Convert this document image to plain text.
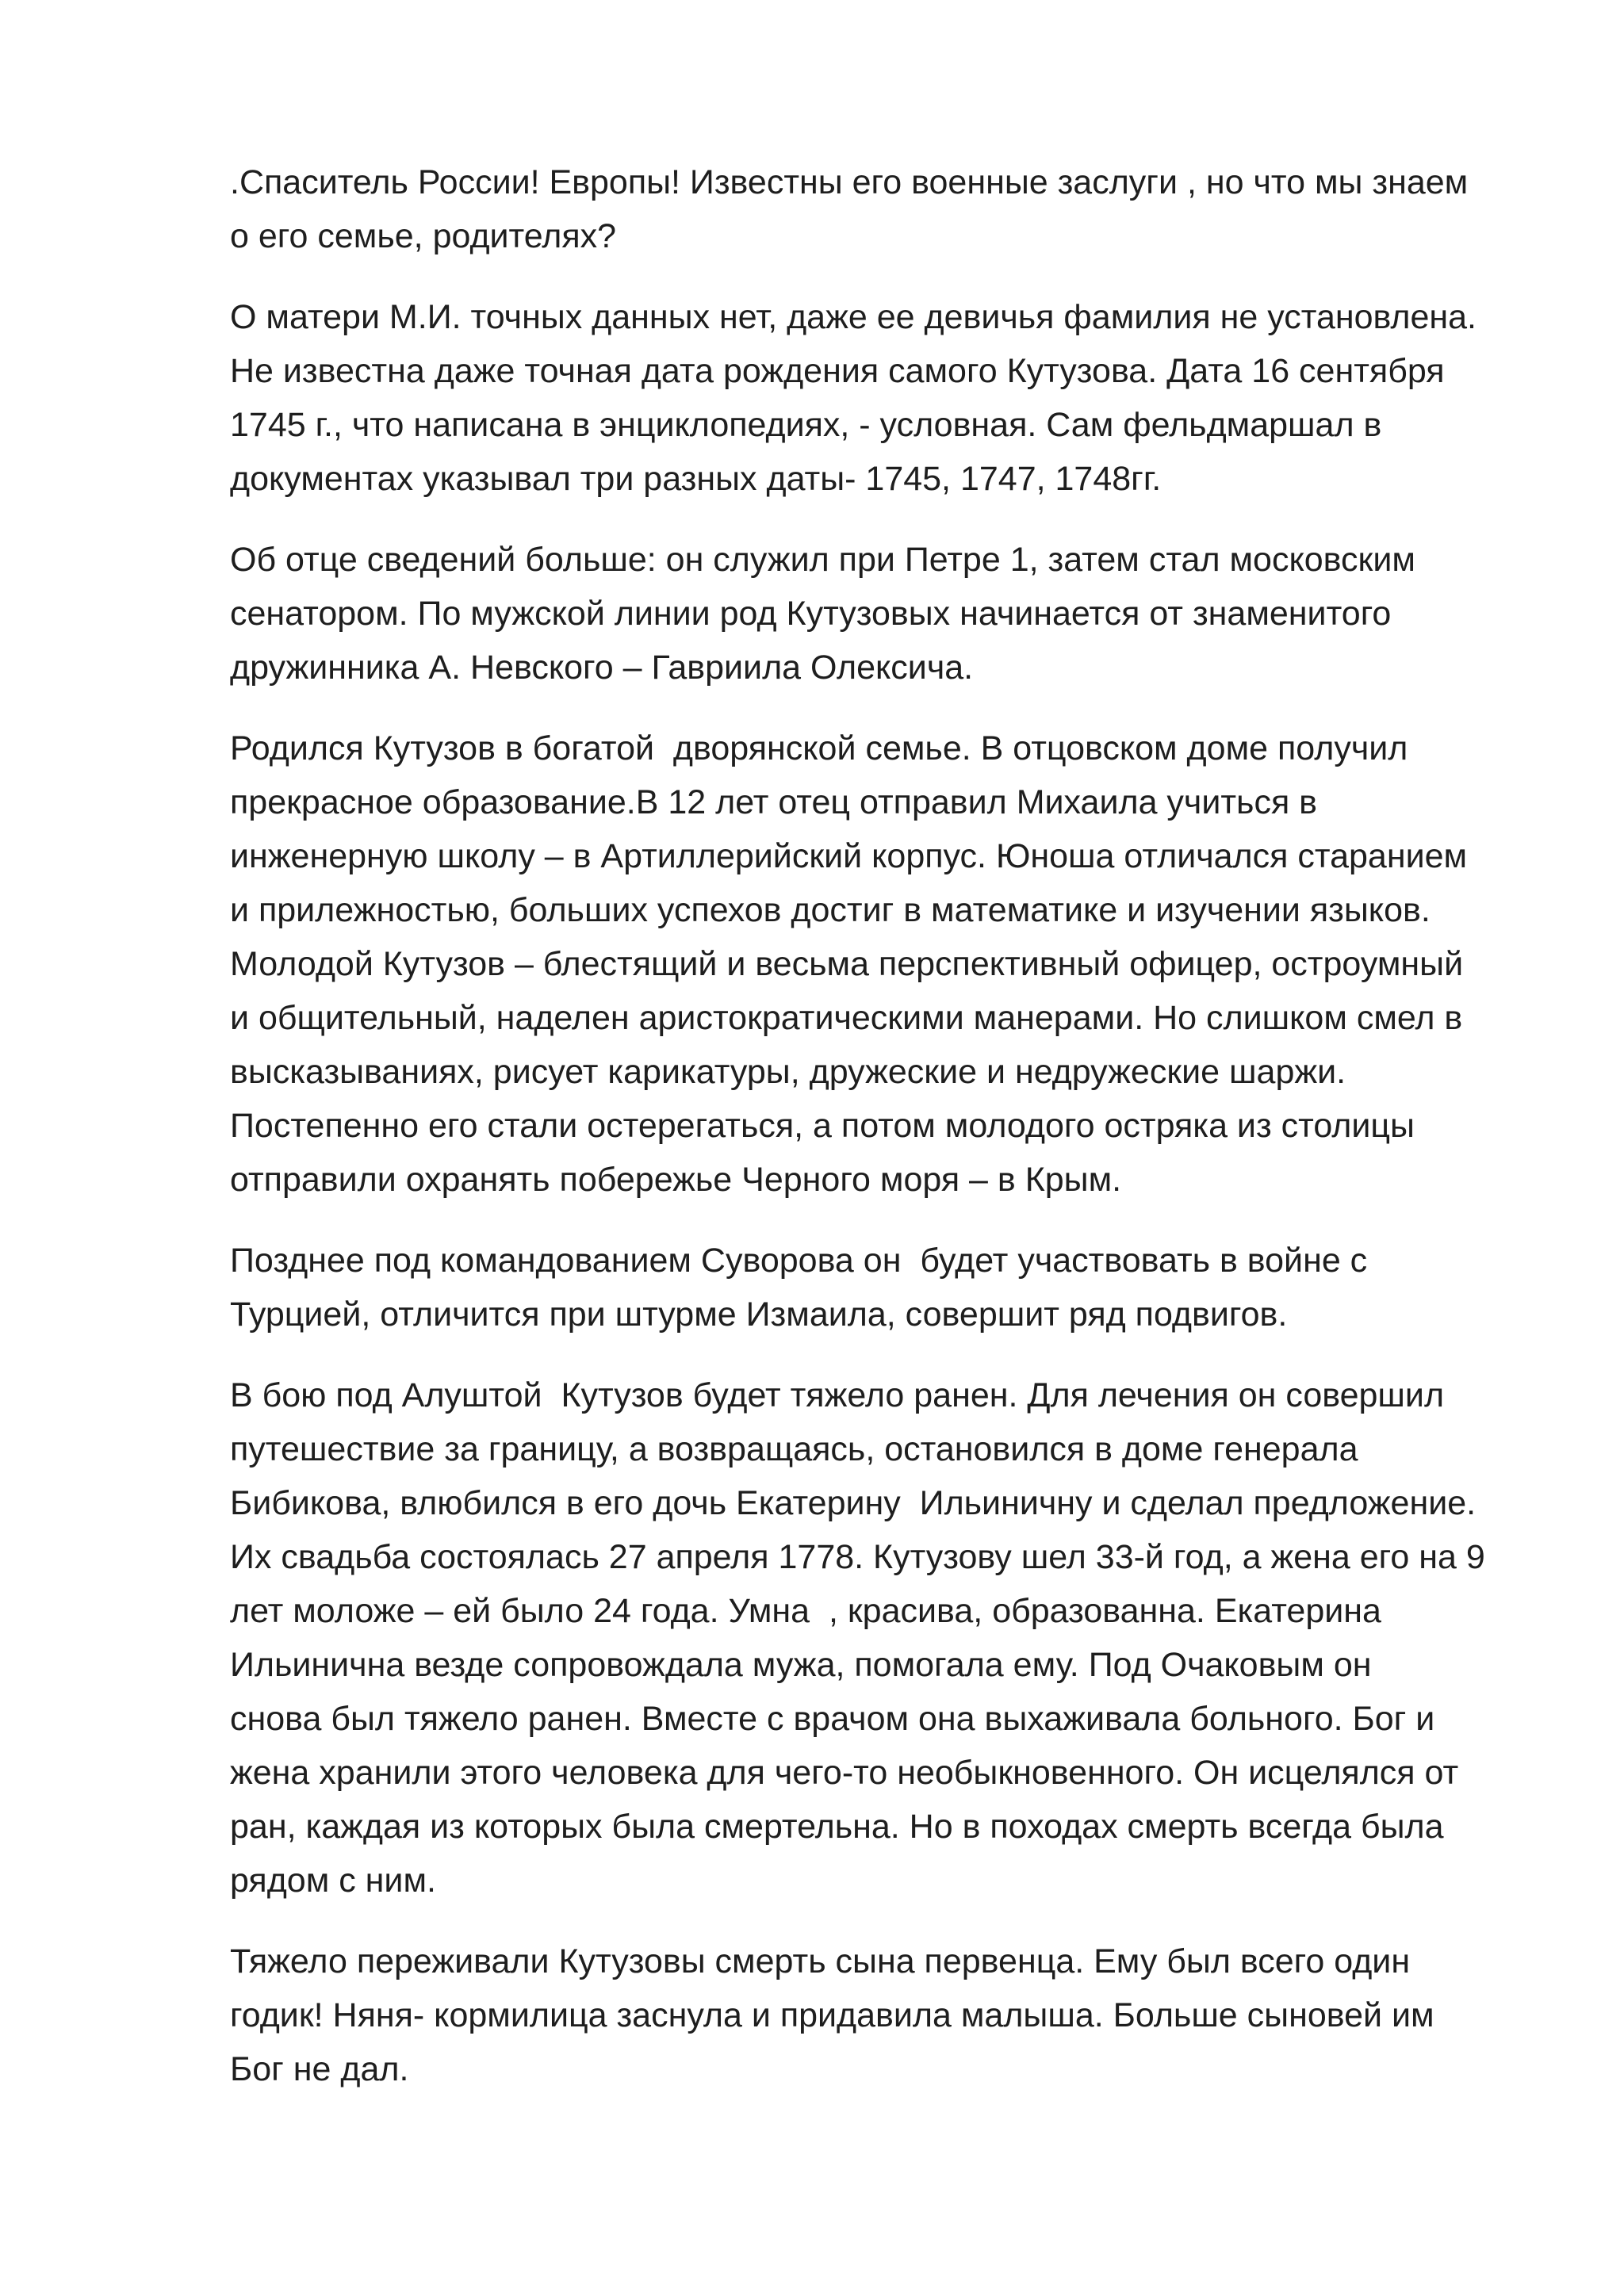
.Спаситель России! Европы! Известны его военные заслуги , но что мы знаем
о его семье, родителях?

О матери М.И. точных данных нет, даже ее девичья фамилия не установлена.
Не известна даже точная дата рождения самого Кутузова. Дата 16 сентября
1745 г., что написана в энциклопедиях, - условная. Сам фельдмаршал в
документах указывал три разных даты- 1745, 1747, 1748гг.

Об отце сведений больше: он служил при Петре 1, затем стал московским
сенатором. По мужской линии род Кутузовых начинается от знаменитого
дружинника А. Невского – Гавриила Олексича.

Родился Кутузов в богатой  дворянской семье. В отцовском доме получил
прекрасное образование.В 12 лет отец отправил Михаила учиться в
инженерную школу – в Артиллерийский корпус. Юноша отличался старанием
и прилежностью, больших успехов достиг в математике и изучении языков.
Молодой Кутузов – блестящий и весьма перспективный офицер, остроумный
и общительный, наделен аристократическими манерами. Но слишком смел в
высказываниях, рисует карикатуры, дружеские и недружеские шаржи.
Постепенно его стали остерегаться, а потом молодого остряка из столицы
отправили охранять побережье Черного моря – в Крым.

Позднее под командованием Суворова он  будет участвовать в войне с
Турцией, отличится при штурме Измаила, совершит ряд подвигов.

В бою под Алуштой  Кутузов будет тяжело ранен. Для лечения он совершил
путешествие за границу, а возвращаясь, остановился в доме генерала
Бибикова, влюбился в его дочь Екатерину  Ильиничну и сделал предложение.
Их свадьба состоялась 27 апреля 1778. Кутузову шел 33-й год, а жена его на 9
лет моложе – ей было 24 года. Умна  , красива, образованна. Екатерина
Ильинична везде сопровождала мужа, помогала ему. Под Очаковым он
снова был тяжело ранен. Вместе с врачом она выхаживала больного. Бог и
жена хранили этого человека для чего-то необыкновенного. Он исцелялся от
ран, каждая из которых была смертельна. Но в походах смерть всегда была
рядом с ним.

Тяжело переживали Кутузовы смерть сына первенца. Ему был всего один
годик! Няня- кормилица заснула и придавила малыша. Больше сыновей им
Бог не дал.
